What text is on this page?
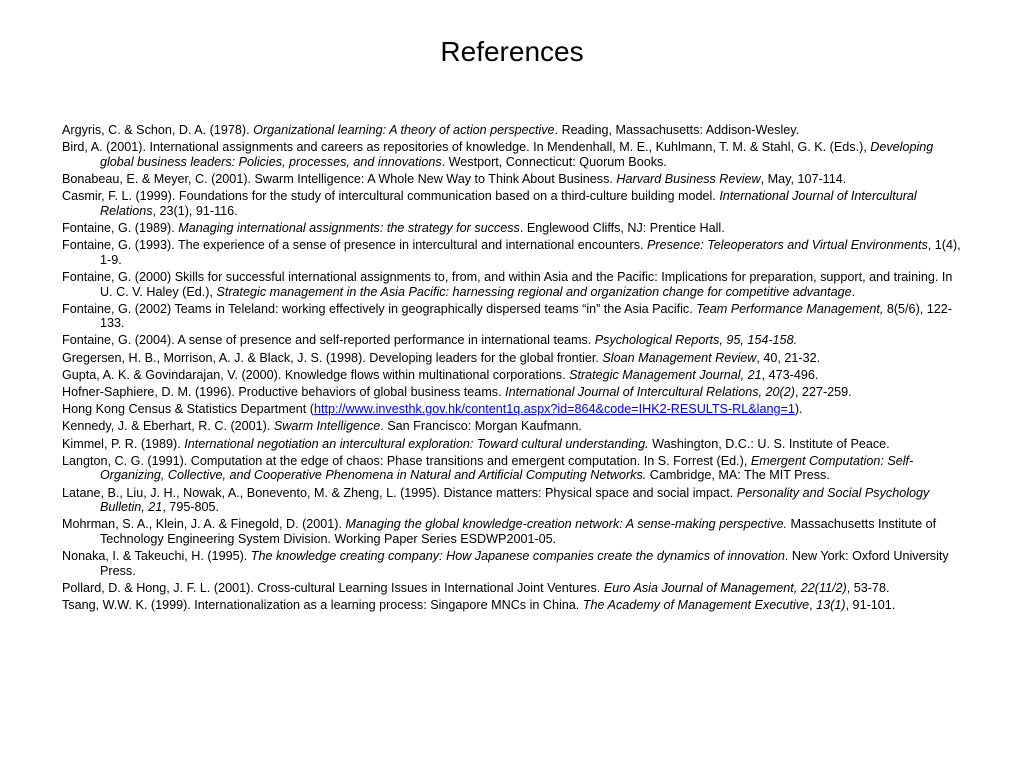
References
Argyris, C. & Schon, D. A. (1978). Organizational learning: A theory of action perspective. Reading, Massachusetts: Addison-Wesley.
Bird, A. (2001). International assignments and careers as repositories of knowledge. In Mendenhall, M. E., Kuhlmann, T. M. & Stahl, G. K. (Eds.), Developing global business leaders: Policies, processes, and innovations. Westport, Connecticut: Quorum Books.
Bonabeau, E. & Meyer, C. (2001). Swarm Intelligence: A Whole New Way to Think About Business. Harvard Business Review, May, 107-114.
Casmir, F. L. (1999). Foundations for the study of intercultural communication based on a third-culture building model. International Journal of Intercultural Relations, 23(1), 91-116.
Fontaine, G. (1989). Managing international assignments: the strategy for success. Englewood Cliffs, NJ: Prentice Hall.
Fontaine, G. (1993). The experience of a sense of presence in intercultural and international encounters. Presence: Teleoperators and Virtual Environments, 1(4), 1-9.
Fontaine, G. (2000) Skills for successful international assignments to, from, and within Asia and the Pacific: Implications for preparation, support, and training. In U. C. V. Haley (Ed.), Strategic management in the Asia Pacific: harnessing regional and organization change for competitive advantage.
Fontaine, G. (2002) Teams in Teleland: working effectively in geographically dispersed teams “in” the Asia Pacific. Team Performance Management, 8(5/6), 122-133.
Fontaine, G. (2004). A sense of presence and self-reported performance in international teams. Psychological Reports, 95, 154-158.
Gregersen, H. B., Morrison, A. J. & Black, J. S. (1998). Developing leaders for the global frontier. Sloan Management Review, 40, 21-32.
Gupta, A. K. & Govindarajan, V. (2000). Knowledge flows within multinational corporations. Strategic Management Journal, 21, 473-496.
Hofner-Saphiere, D. M. (1996). Productive behaviors of global business teams. International Journal of Intercultural Relations, 20(2), 227-259.
Hong Kong Census & Statistics Department (http://www.investhk.gov.hk/content1q.aspx?id=864&code=IHK2-RESULTS-RL&lang=1).
Kennedy, J. & Eberhart, R. C. (2001). Swarm Intelligence. San Francisco: Morgan Kaufmann.
Kimmel, P. R. (1989). International negotiation an intercultural exploration: Toward cultural understanding. Washington, D.C.: U. S. Institute of Peace.
Langton, C. G. (1991). Computation at the edge of chaos: Phase transitions and emergent computation. In S. Forrest (Ed.), Emergent Computation: Self-Organizing, Collective, and Cooperative Phenomena in Natural and Artificial Computing Networks. Cambridge, MA: The MIT Press.
Latane, B., Liu, J. H., Nowak, A., Bonevento, M. & Zheng, L. (1995). Distance matters: Physical space and social impact. Personality and Social Psychology Bulletin, 21, 795-805.
Mohrman, S. A., Klein, J. A. & Finegold, D. (2001). Managing the global knowledge-creation network: A sense-making perspective. Massachusetts Institute of Technology Engineering System Division. Working Paper Series ESDWP2001-05.
Nonaka, I. & Takeuchi, H. (1995). The knowledge creating company: How Japanese companies create the dynamics of innovation. New York: Oxford University Press.
Pollard, D. & Hong, J. F. L. (2001). Cross-cultural Learning Issues in International Joint Ventures. Euro Asia Journal of Management, 22(11/2), 53-78.
Tsang, W.W. K. (1999). Internationalization as a learning process: Singapore MNCs in China. The Academy of Management Executive, 13(1), 91-101.
